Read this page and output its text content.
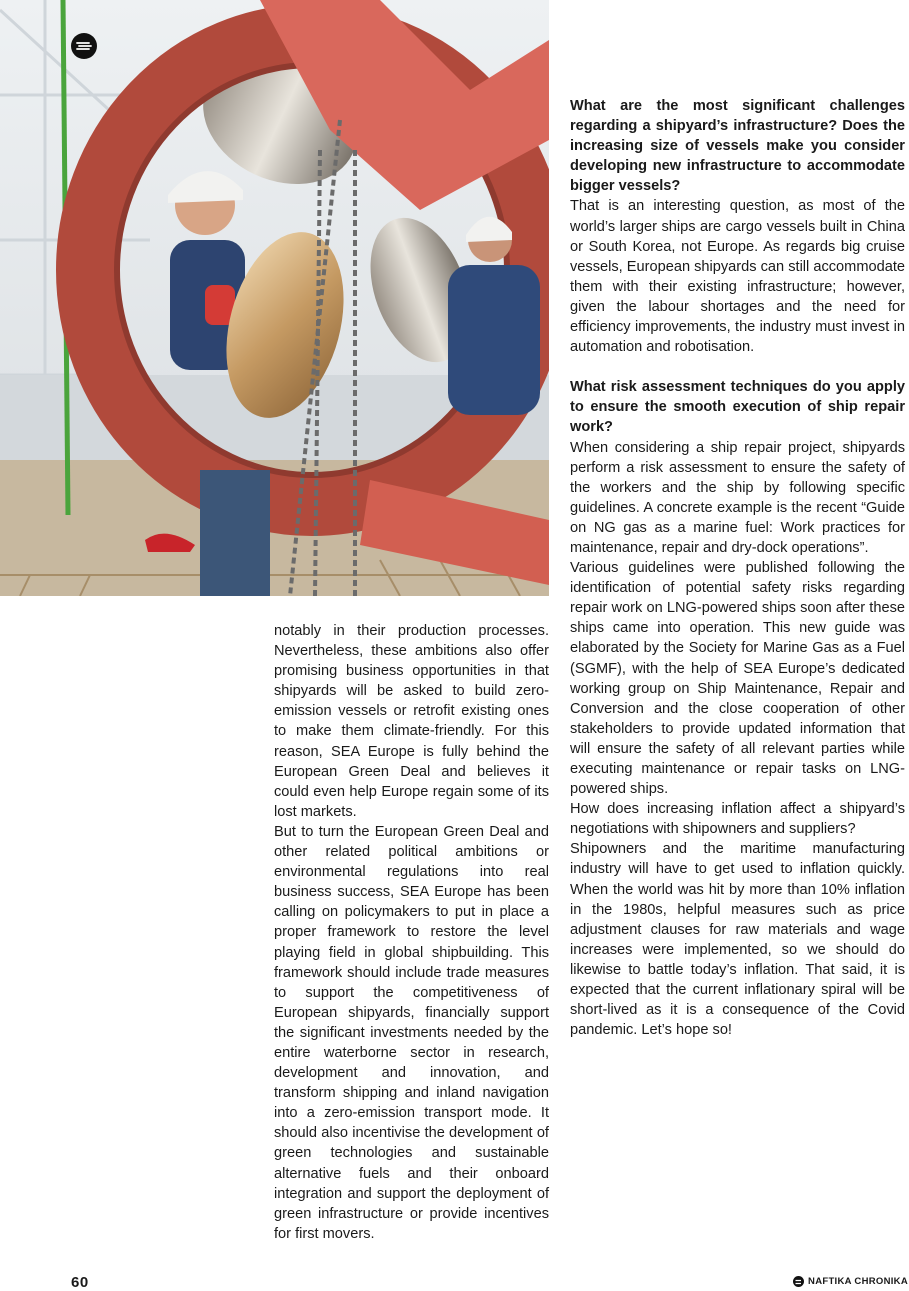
notably in their production processes. Nevertheless, these ambitions also offer promising business opportunities in that shipyards will be asked to build zero-emission vessels or retrofit existing ones to make them climate-friendly. For this reason, SEA Europe is fully behind the European Green Deal and believes it could even help Europe regain some of its lost markets.

But to turn the European Green Deal and other related political ambitions or environmental regulations into real business success, SEA Europe has been calling on policymakers to put in place a proper framework to restore the level playing field in global shipbuilding. This framework should include trade measures to support the competitiveness of European shipyards, financially support the significant investments needed by the entire waterborne sector in research, development and innovation, and transform shipping and inland navigation into a zero-emission transport mode. It should also incentivise the development of green technologies and sustainable alternative fuels and their onboard integration and support the deployment of green infrastructure or provide incentives for first movers.

What are the most significant challenges regarding a shipyard’s infrastructure? Does the increasing size of vessels make you consider developing new infrastructure to accommodate bigger vessels?

That is an interesting question, as most of the world’s larger ships are cargo vessels built in China or South Korea, not Europe. As regards big cruise vessels, European shipyards can still accommodate them with their existing infrastructure; however, given the labour shortages and the need for efficiency improvements, the industry must invest in automation and robotisation.

What risk assessment techniques do you apply to ensure the smooth execution of ship repair work?

When considering a ship repair project, shipyards perform a risk assessment to ensure the safety of the workers and the ship by following specific guidelines. A concrete example is the recent “Guide on NG gas as a marine fuel: Work practices for maintenance, repair and dry-dock operations”.

Various guidelines were published following the identification of potential safety risks regarding repair work on LNG-powered ships soon after these ships came into operation. This new guide was elaborated by the Society for Marine Gas as a Fuel (SGMF), with the help of SEA Europe’s dedicated working group on Ship Maintenance, Repair and Conversion and the close cooperation of other stakeholders to provide updated information that will ensure the safety of all relevant parties while executing maintenance or repair tasks on LNG-powered ships.

How does increasing inflation affect a shipyard’s negotiations with shipowners and suppliers?

Shipowners and the maritime manufacturing industry will have to get used to inflation quickly. When the world was hit by more than 10% inflation in the 1980s, helpful measures such as price adjustment clauses for raw materials and wage increases were implemented, so we should do likewise to battle today’s inflation. That said, it is expected that the current inflationary spiral will be short-lived as it is a consequence of the Covid pandemic. Let’s hope so!

60	NAFTIKA CHRONIKA
